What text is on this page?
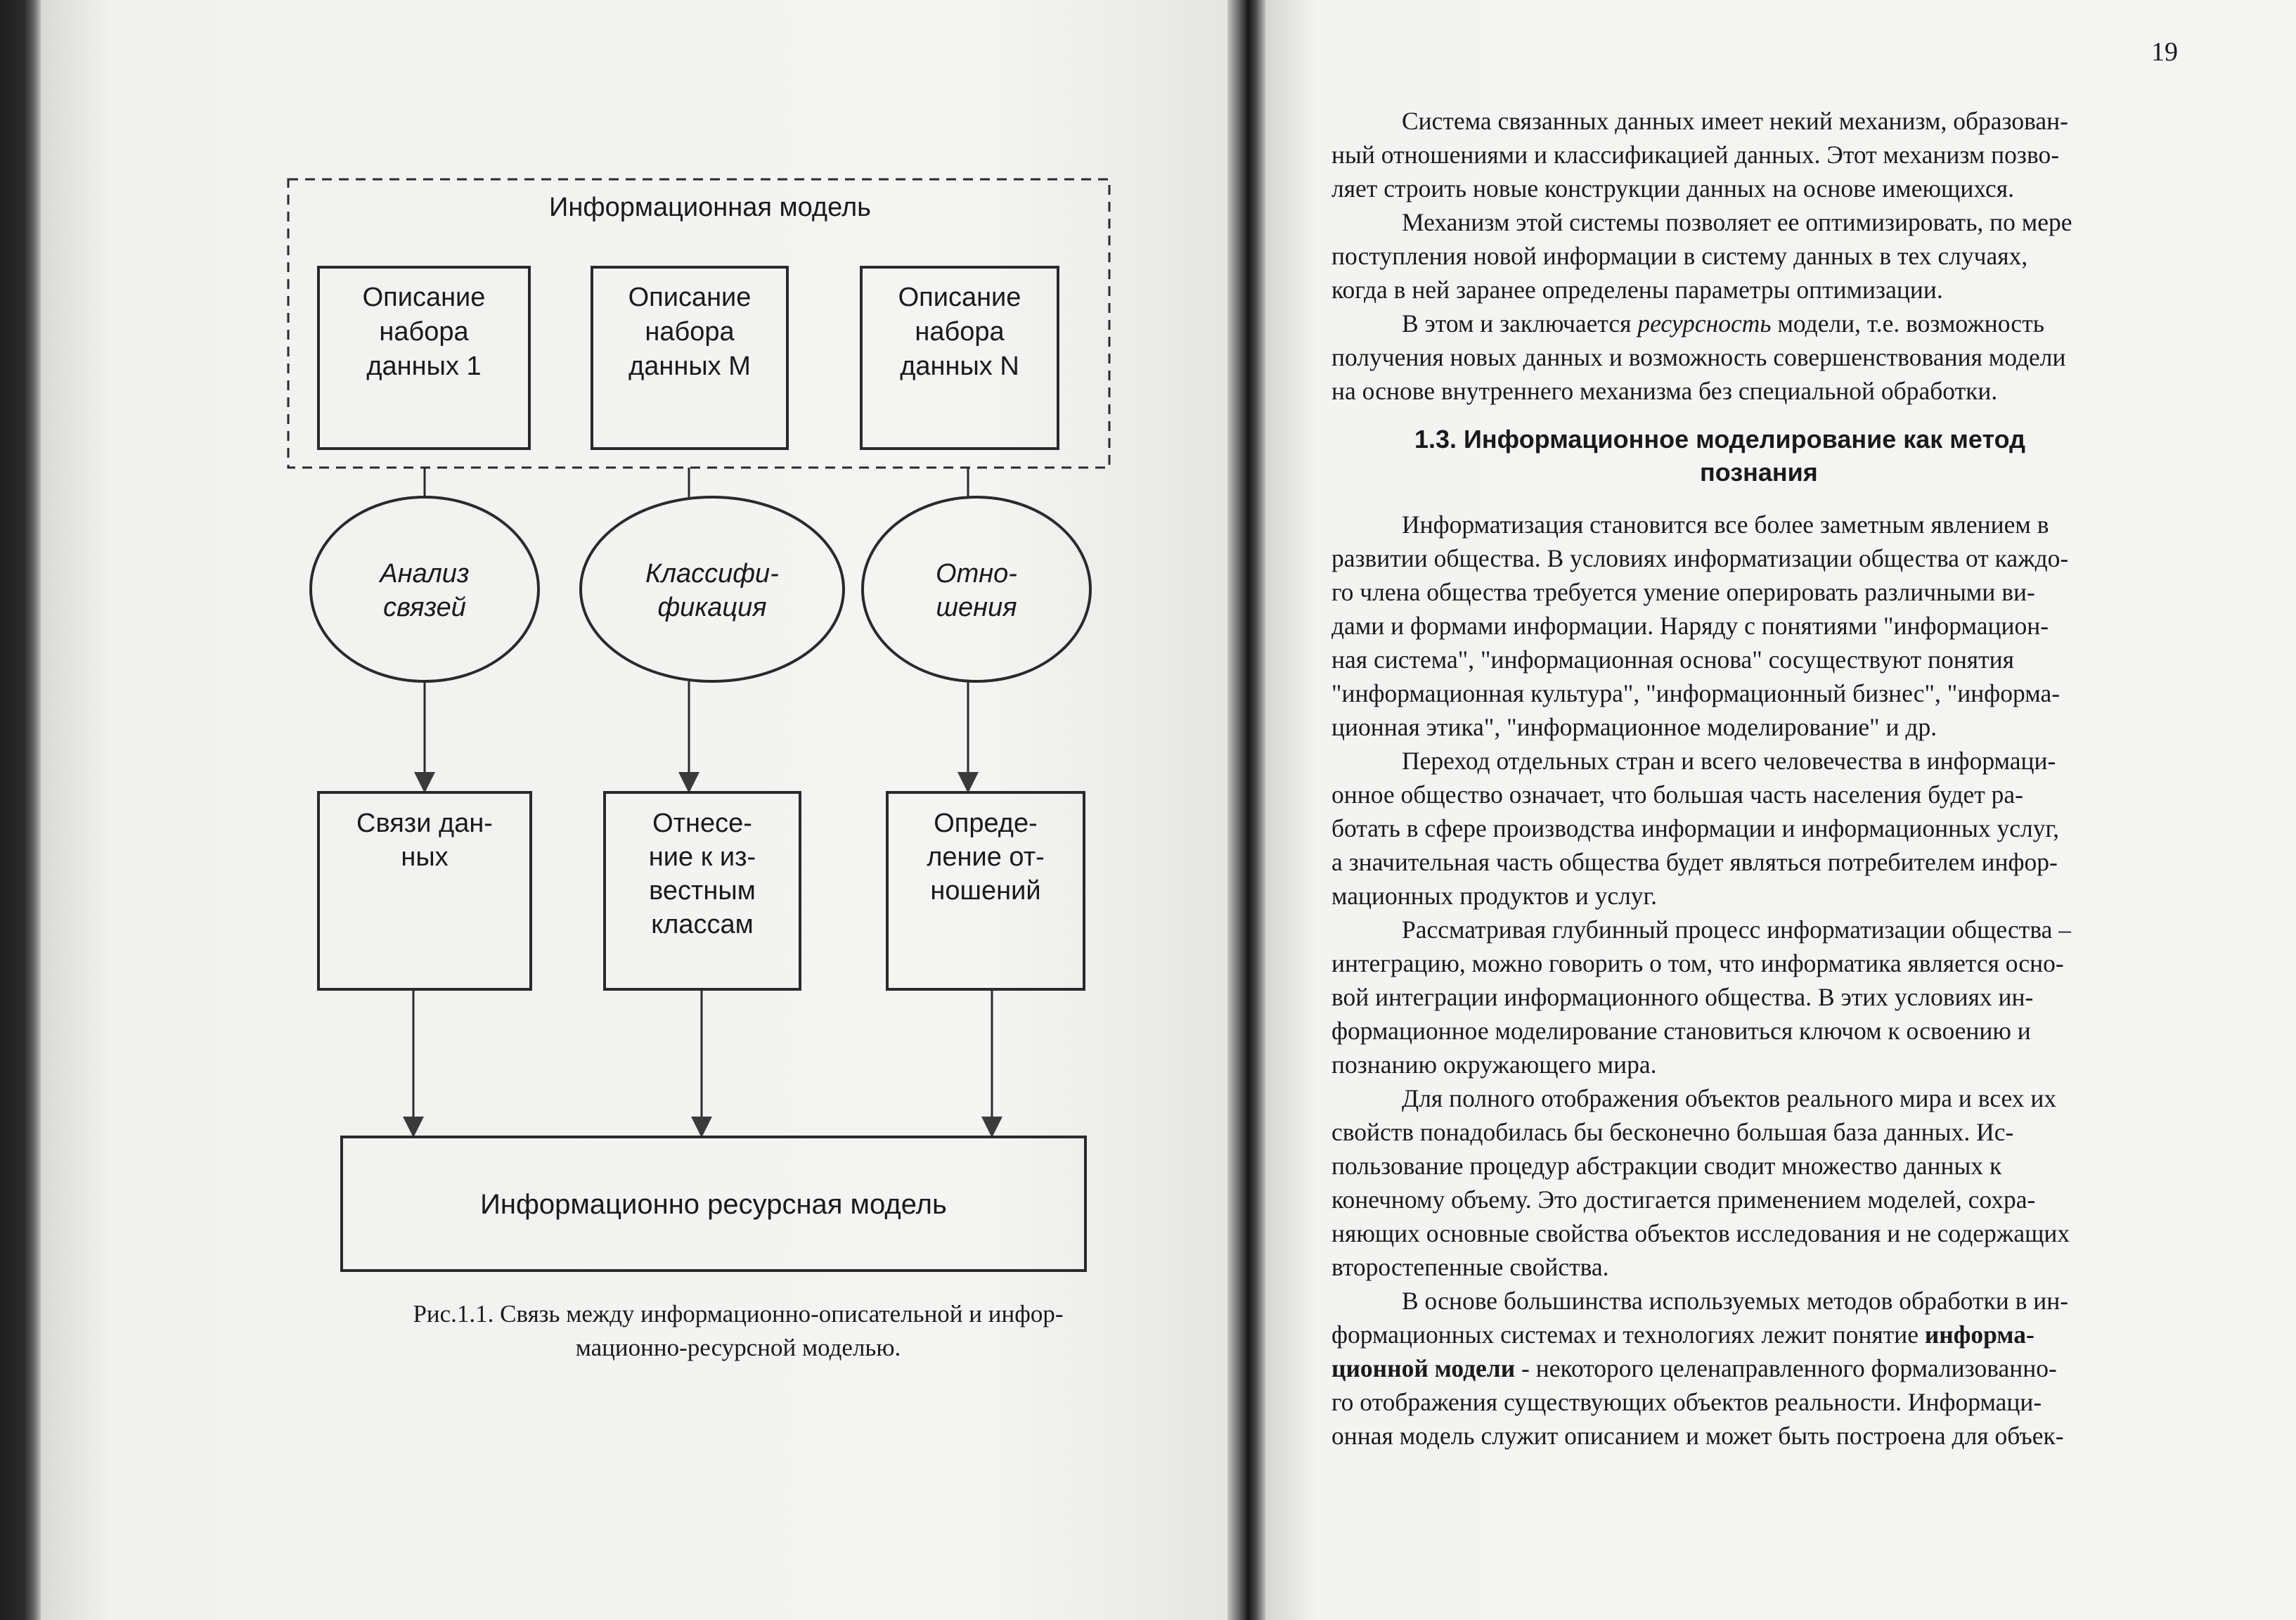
Информационная модель
Описание
набора
данных 1
Описание
набора
данных M
Описание
набора
данных N
Анализ
связей
Классифи-
фикация
Отно-
шения
Связи дан-
ных
Отнесе-
ние к из-
вестным
классам
Опреде-
ление от-
ношений
Информационно ресурсная модель
Рис.1.1. Связь между информационно-описательной и инфор-
мационно-ресурсной моделью.
19
Система связанных данных имеет некий механизм, образован-
ный отношениями и классификацией данных. Этот механизм позво-
ляет строить новые конструкции данных на основе имеющихся.
Механизм этой системы позволяет ее оптимизировать, по мере
поступления новой информации в систему данных в тех случаях,
когда в ней заранее определены параметры оптимизации.
В этом и заключается ресурсность модели, т.е. возможность
получения новых данных и возможность совершенствования модели
на основе внутреннего механизма без специальной обработки.
1.3. Информационное моделирование как метод
познания
Информатизация становится все более заметным явлением в
развитии общества. В условиях информатизации общества от каждо-
го члена общества требуется умение оперировать различными ви-
дами и формами информации. Наряду с понятиями "информацион-
ная система", "информационная основа" сосуществуют понятия
"информационная культура", "информационный бизнес", "информа-
ционная этика", "информационное моделирование" и др.
Переход отдельных стран и всего человечества в информаци-
онное общество означает, что большая часть населения будет ра-
ботать в сфере производства информации и информационных услуг,
а значительная часть общества будет являться потребителем инфор-
мационных продуктов и услуг.
Рассматривая глубинный процесс информатизации общества –
интеграцию, можно говорить о том, что информатика является осно-
вой интеграции информационного общества. В этих условиях ин-
формационное моделирование становиться ключом к освоению и
познанию окружающего мира.
Для полного отображения объектов реального мира и всех их
свойств понадобилась бы бесконечно большая база данных. Ис-
пользование процедур абстракции сводит множество данных к
конечному объему. Это достигается применением моделей, сохра-
няющих основные свойства объектов исследования и не содержащих
второстепенные свойства.
В основе большинства используемых методов обработки в ин-
формационных системах и технологиях лежит понятие информа-
ционной модели - некоторого целенаправленного формализованно-
го отображения существующих объектов реальности. Информаци-
онная модель служит описанием и может быть построена для объек-
